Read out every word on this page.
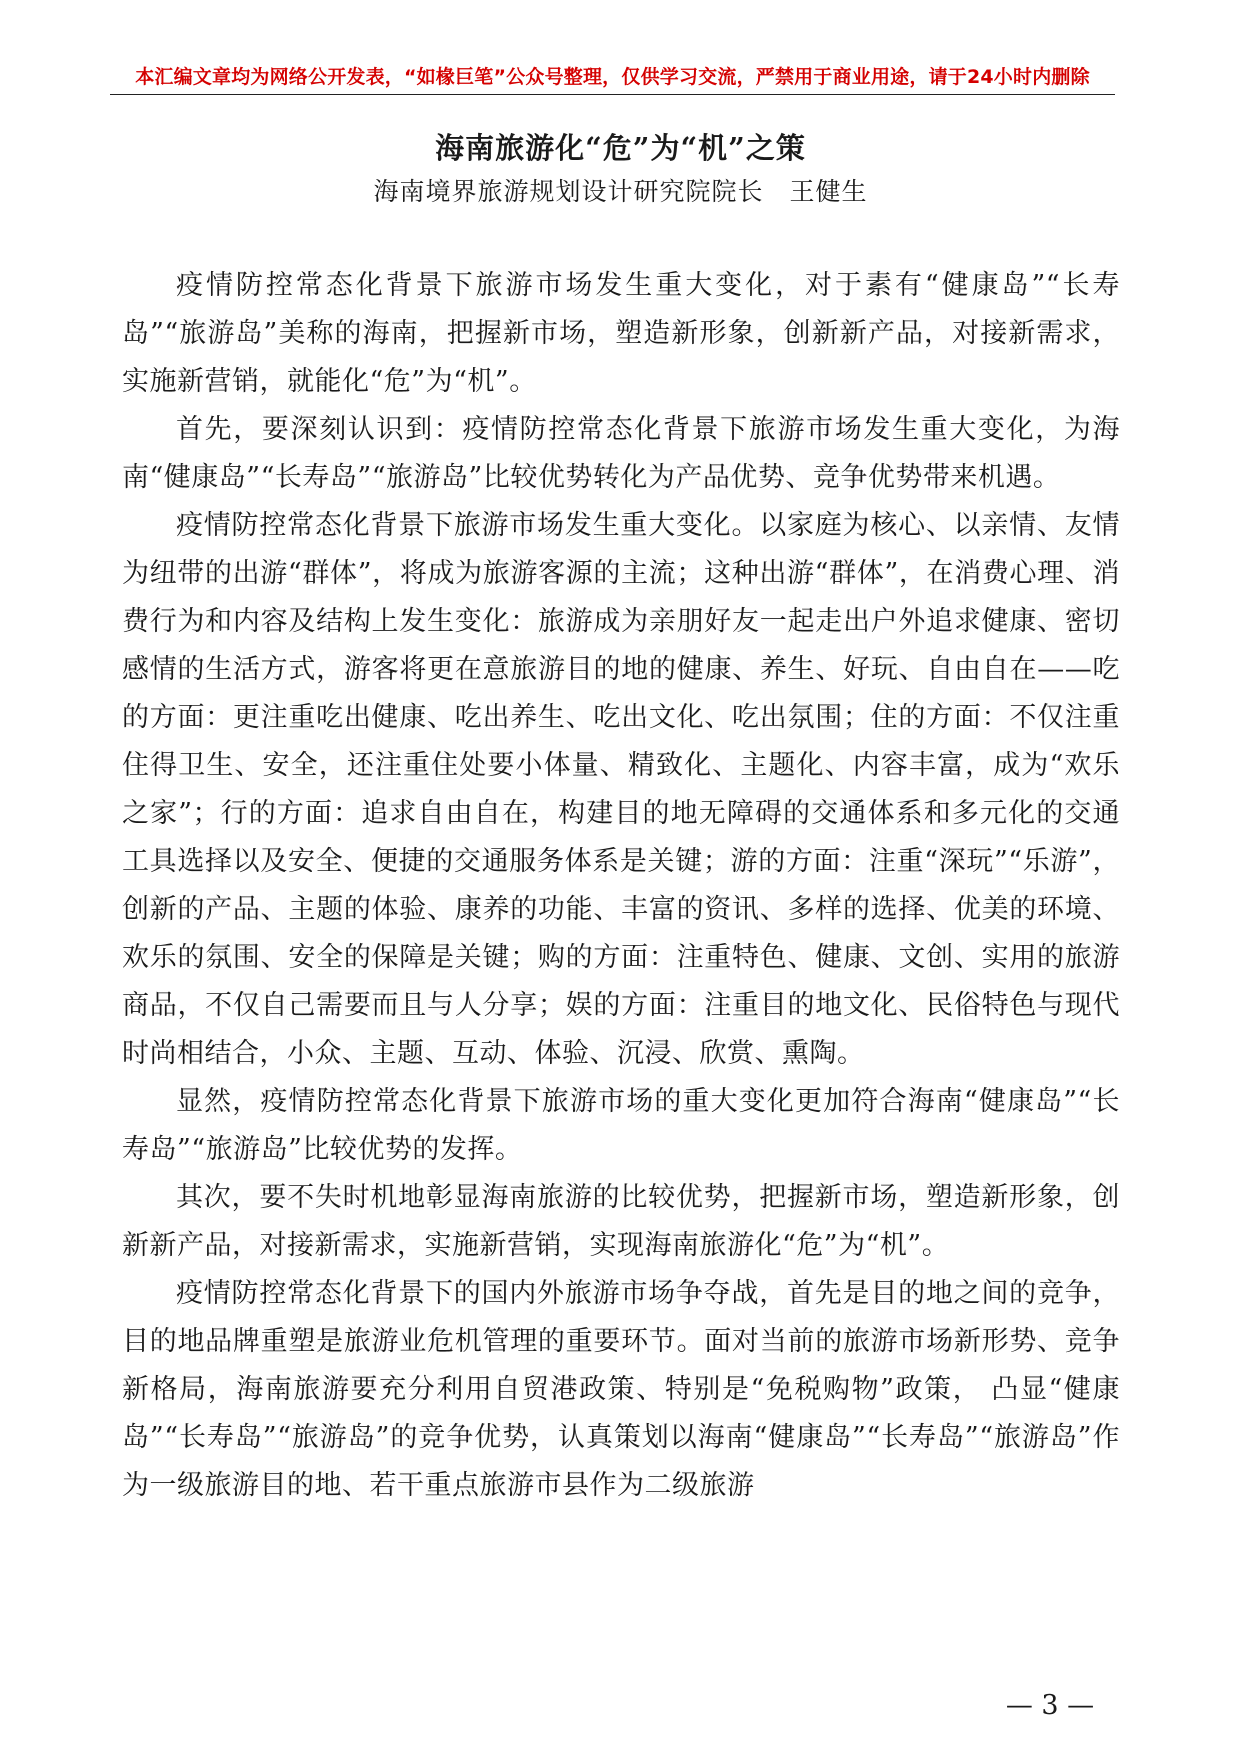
本汇编文章均为网络公开发表，“如椽巨笔”公众号整理，仅供学习交流，严禁用于商业用途，请于24小时内删除
海南旅游化“危”为“机”之策
海南境界旅游规划设计研究院院长　王健生

疫情防控常态化背景下旅游市场发生重大变化，对于素有“健康岛”“长寿岛”“旅游岛”美称的海南，把握新市场，塑造新形象，创新新产品，对接新需求，实施新营销，就能化“危”为“机”。

首先，要深刻认识到：疫情防控常态化背景下旅游市场发生重大变化，为海南“健康岛”“长寿岛”“旅游岛”比较优势转化为产品优势、竞争优势带来机遇。

疫情防控常态化背景下旅游市场发生重大变化。以家庭为核心、以亲情、友情为纽带的出游“群体”，将成为旅游客源的主流；这种出游“群体”，在消费心理、消费行为和内容及结构上发生变化：旅游成为亲朋好友一起走出户外追求健康、密切感情的生活方式，游客将更在意旅游目的地的健康、养生、好玩、自由自在——吃的方面：更注重吃出健康、吃出养生、吃出文化、吃出氛围；住的方面：不仅注重住得卫生、安全，还注重住处要小体量、精致化、主题化、内容丰富，成为“欢乐之家”；行的方面：追求自由自在，构建目的地无障碍的交通体系和多元化的交通工具选择以及安全、便捷的交通服务体系是关键；游的方面：注重“深玩”“乐游”，创新的产品、主题的体验、康养的功能、丰富的资讯、多样的选择、优美的环境、欢乐的氛围、安全的保障是关键；购的方面：注重特色、健康、文创、实用的旅游商品，不仅自己需要而且与人分享；娱的方面：注重目的地文化、民俗特色与现代时尚相结合，小众、主题、互动、体验、沉浸、欣赏、熏陶。

显然，疫情防控常态化背景下旅游市场的重大变化更加符合海南“健康岛”“长寿岛”“旅游岛”比较优势的发挥。

其次，要不失时机地彰显海南旅游的比较优势，把握新市场，塑造新形象，创新新产品，对接新需求，实施新营销，实现海南旅游化“危”为“机”。

疫情防控常态化背景下的国内外旅游市场争夺战，首先是目的地之间的竞争，目的地品牌重塑是旅游业危机管理的重要环节。面对当前的旅游市场新形势、竞争新格局，海南旅游要充分利用自贸港政策、特别是“免税购物”政策， 凸显“健康岛”“长寿岛”“旅游岛”的竞争优势，认真策划以海南“健康岛”“长寿岛”“旅游岛”作为一级旅游目的地、若干重点旅游市县作为二级旅游

— 3 —
